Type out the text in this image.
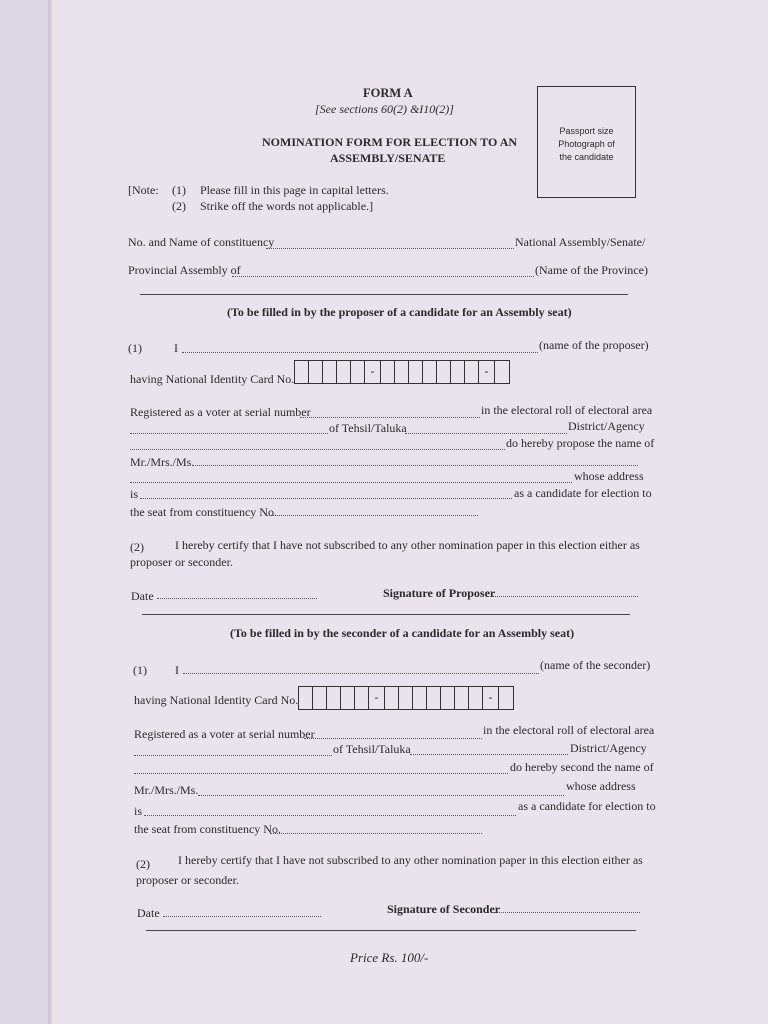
FORM A
[See sections 60(2) &I10(2)]
NOMINATION FORM FOR ELECTION TO AN
ASSEMBLY/SENATE
Passport size
Photograph of
the candidate
[Note: (1) Please fill in this page in capital letters.
(2) Strike off the words not applicable.]
No. and Name of constituency	National Assembly/Senate/
Provincial Assembly of	(Name of the Province)
(To be filled in by the proposer of a candidate for an Assembly seat)
(1)	I	(name of the proposer)
having National Identity Card No.
-	-
Registered as a voter at serial number	in the electoral roll of electoral area
of Tehsil/Taluka	District/Agency
do hereby propose the name of
Mr./Mrs./Ms.
whose address
is	as a candidate for election to
the seat from constituency No.
(2)	I hereby certify that I have not subscribed to any other nomination paper in this election either as
proposer or seconder.
Date	Signature of Proposer
(To be filled in by the seconder of a candidate for an Assembly seat)
(1) I	(name of the seconder)
having National Identity Card No.	-	-
Registered as a voter at serial number	in the electoral roll of electoral area
of Tehsil/Taluka	District/Agency
do hereby second the name of
Mr./Mrs./Ms.	whose address
is	as a candidate for election to
the seat from constituency No.
(2) I hereby certify that I have not subscribed to any other nomination paper in this election either as
proposer or seconder.
Date	Signature of Seconder
Price Rs. 100/-
